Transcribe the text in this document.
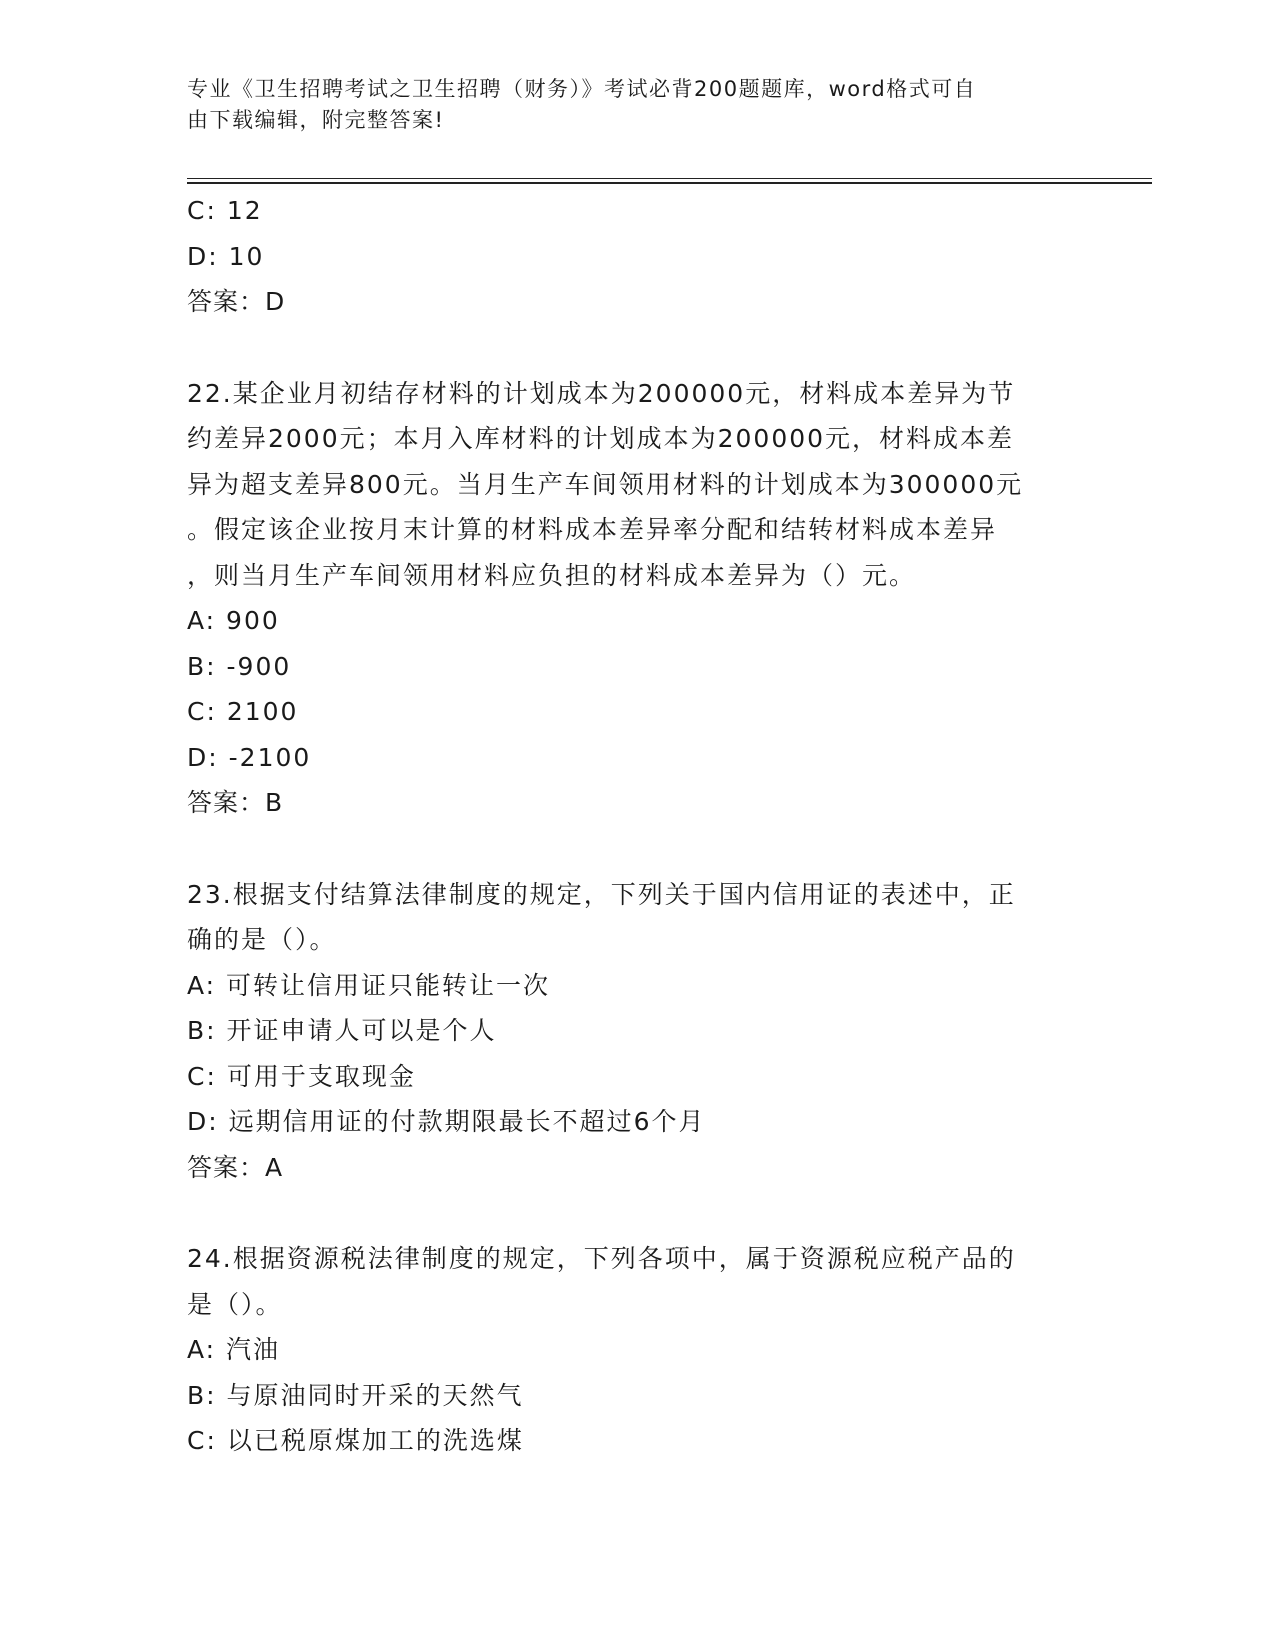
专业《卫生招聘考试之卫生招聘（财务）》考试必背200题题库，word格式可自
由下载编辑，附完整答案!
C: 12
D: 10
答案：D
22.某企业月初结存材料的计划成本为200000元，材料成本差异为节
约差异2000元；本月入库材料的计划成本为200000元，材料成本差
异为超支差异800元。当月生产车间领用材料的计划成本为300000元
。假定该企业按月末计算的材料成本差异率分配和结转材料成本差异
，则当月生产车间领用材料应负担的材料成本差异为（）元。
A: 900
B: -900
C: 2100
D: -2100
答案：B
23.根据支付结算法律制度的规定，下列关于国内信用证的表述中，正
确的是（）。
A: 可转让信用证只能转让一次
B: 开证申请人可以是个人
C: 可用于支取现金
D: 远期信用证的付款期限最长不超过6个月
答案：A
24.根据资源税法律制度的规定，下列各项中，属于资源税应税产品的
是（）。
A: 汽油
B: 与原油同时开采的天然气
C: 以已税原煤加工的洗选煤
